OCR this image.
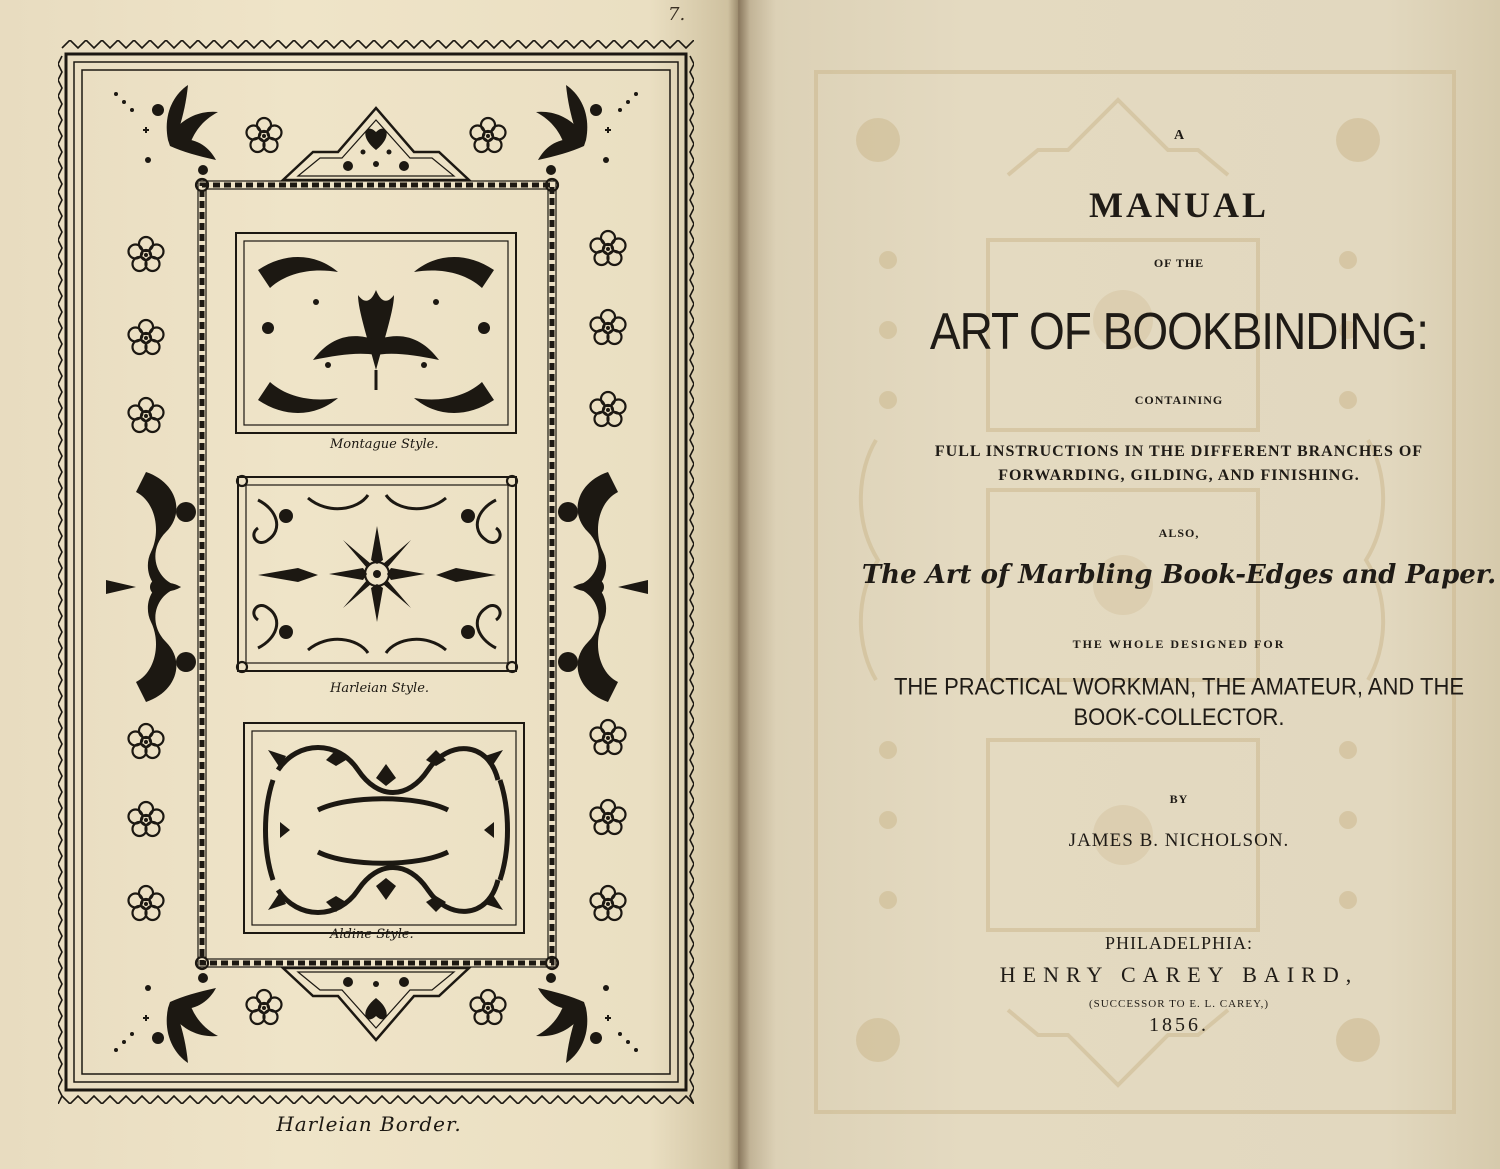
7.
Montague Style.
Harleian Style.
Aldine Style.
Harleian Border.
A
MANUAL
OF THE
ART OF BOOKBINDING:
CONTAINING
FULL INSTRUCTIONS IN THE DIFFERENT BRANCHES OF
FORWARDING, GILDING, AND FINISHING.
ALSO,
The Art of Marbling Book-Edges and Paper.
THE WHOLE DESIGNED FOR
THE PRACTICAL WORKMAN, THE AMATEUR, AND THE
BOOK-COLLECTOR.
BY
JAMES B. NICHOLSON.
PHILADELPHIA:
HENRY CAREY BAIRD,
(SUCCESSOR TO E. L. CAREY,)
1856.
